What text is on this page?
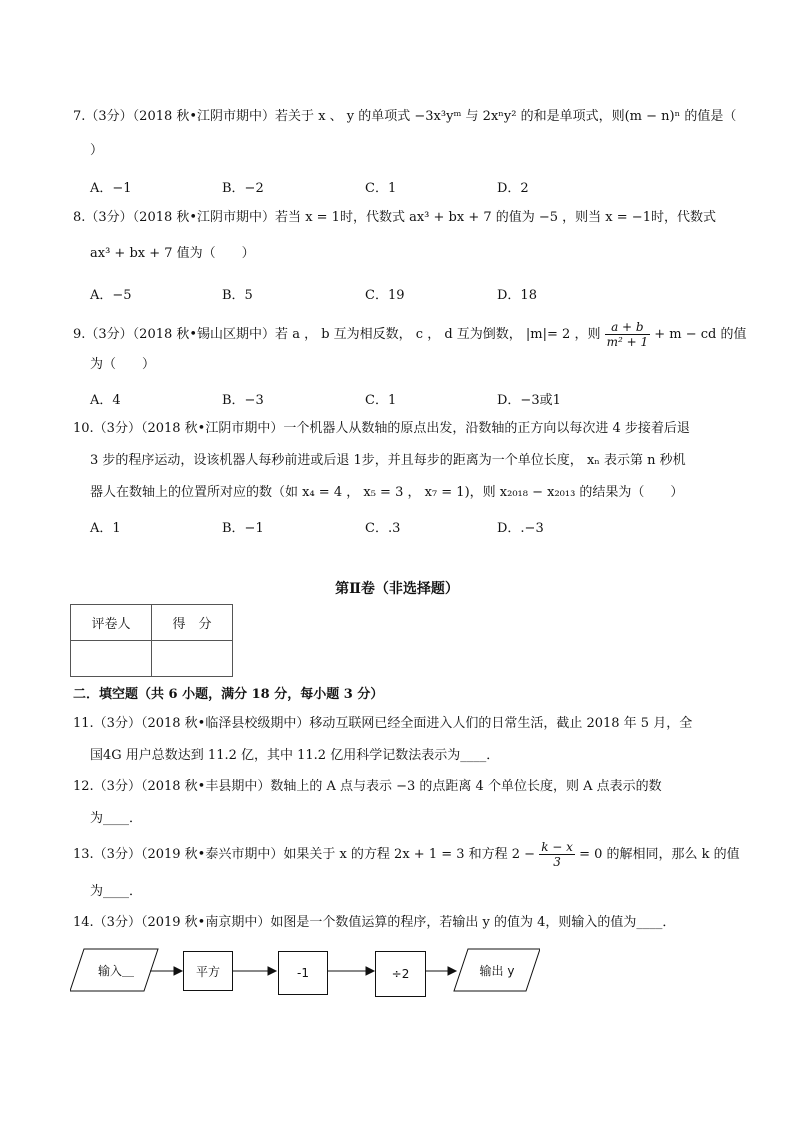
7.（3分）（2018 秋•江阴市期中）若关于 x 、 y 的单项式 −3x³yᵐ 与 2xⁿy² 的和是单项式，则(m − n)ⁿ 的值是（
）
A．−1	B．−2	C．1	D．2
8.（3分）（2018 秋•江阴市期中）若当 x = 1时，代数式 ax³ + bx + 7 的值为 −5 ，则当 x = −1时，代数式
ax³ + bx + 7 值为（　　）
A．−5	B．5	C．19	D．18
9.（3分）（2018 秋•锡山区期中）若 a ， b 互为相反数， c ， d 互为倒数， |m|= 2 ，则 $\frac{a + b}{\text{m² + 1}} + m$ − cd 的值
为（　　）
A．4	B．−3	C．1	D．−3或1
10.（3分）（2018 秋•江阴市期中）一个机器人从数轴的原点出发，沿数轴的正方向以每次进 4 步接着后退
3 步的程序运动，设该机器人每秒前进或后退 1步，并且每步的距离为一个单位长度， xₙ 表示第 n 秒机
器人在数轴上的位置所对应的数（如 x₄ = 4 ， x₅ = 3 ， x₇ = 1)，则 x₂₀₁₈ − x₂₀₁₃ 的结果为（　　）
A．1	B．−1	C．.3	D．.−3
第Ⅱ卷（非选择题）
评卷人	得　分

二．填空题（共 6 小题，满分 18 分，每小题 3 分）
11.（3分）（2018 秋•临泽县校级期中）移动互联网已经全面进入人们的日常生活，截止 2018 年 5 月，全
国4G 用户总数达到 11.2 亿，其中 11.2 亿用科学记数法表示为____．
12.（3分）（2018 秋•丰县期中）数轴上的 A 点与表示 −3 的点距离 4 个单位长度，则 A 点表示的数
为____．
13.（3分）（2019 秋•泰兴市期中）如果关于 x 的方程 2x + 1 = 3 和方程 $2 - \frac{k - x}{3} = 0$ 的解相同，那么 k 的值
为____．
14.（3分）（2019 秋•南京期中）如图是一个数值运算的程序，若输出 y 的值为 4，则输入的值为____．
输入＿	平方	-1	÷2	输出 y
